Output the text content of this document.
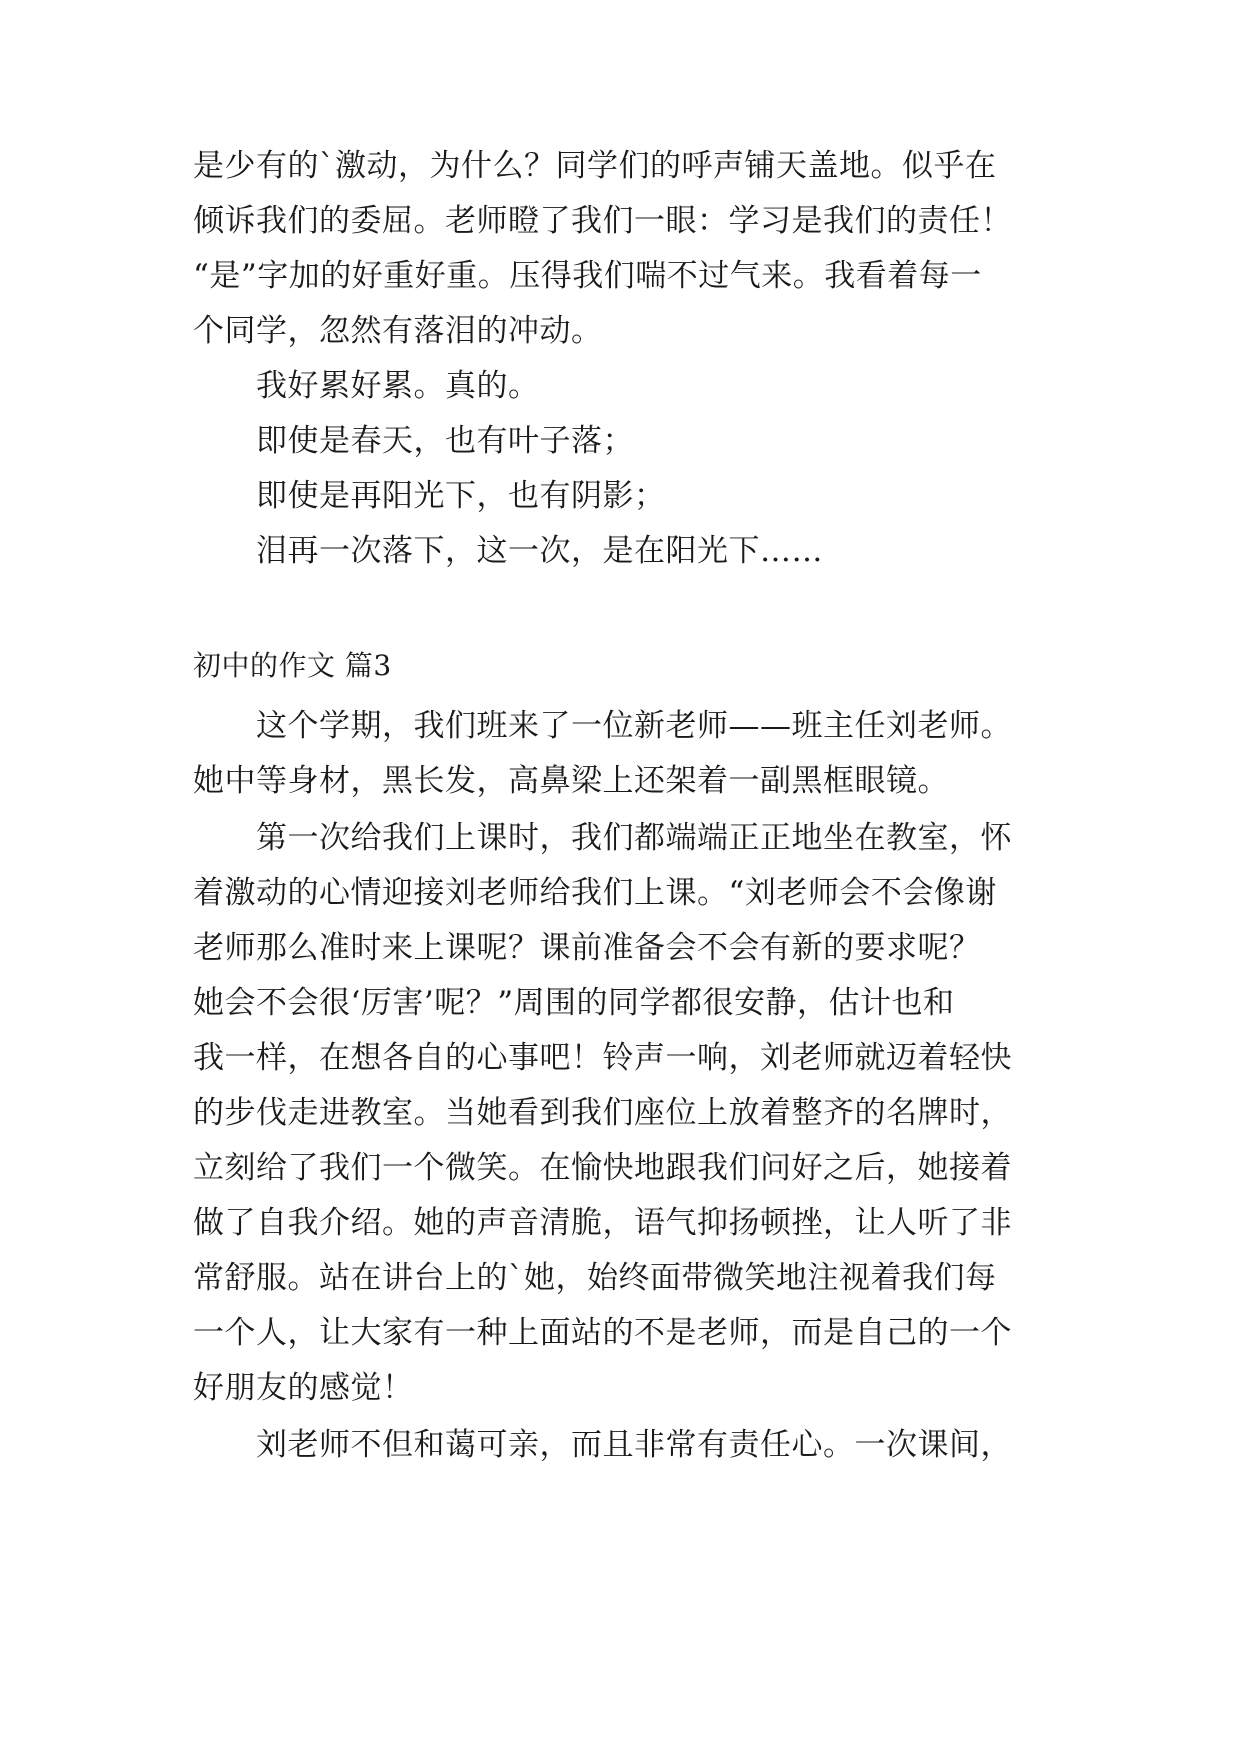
是少有的`激动，为什么？同学们的呼声铺天盖地。似乎在
倾诉我们的委屈。老师瞪了我们一眼：学习是我们的责任！
“是”字加的好重好重。压得我们喘不过气来。我看着每一
个同学，忽然有落泪的冲动。
我好累好累。真的。
即使是春天，也有叶子落；
即使是再阳光下，也有阴影；
泪再一次落下，这一次，是在阳光下……
初中的作文 篇3
这个学期，我们班来了一位新老师——班主任刘老师。
她中等身材，黑长发，高鼻梁上还架着一副黑框眼镜。
第一次给我们上课时，我们都端端正正地坐在教室，怀
着激动的心情迎接刘老师给我们上课。“刘老师会不会像谢
老师那么准时来上课呢？课前准备会不会有新的要求呢？
她会不会很‘厉害’呢？”周围的同学都很安静，估计也和
我一样，在想各自的心事吧！铃声一响，刘老师就迈着轻快
的步伐走进教室。当她看到我们座位上放着整齐的名牌时，
立刻给了我们一个微笑。在愉快地跟我们问好之后，她接着
做了自我介绍。她的声音清脆，语气抑扬顿挫，让人听了非
常舒服。站在讲台上的`她，始终面带微笑地注视着我们每
一个人，让大家有一种上面站的不是老师，而是自己的一个
好朋友的感觉！
刘老师不但和蔼可亲，而且非常有责任心。一次课间，
